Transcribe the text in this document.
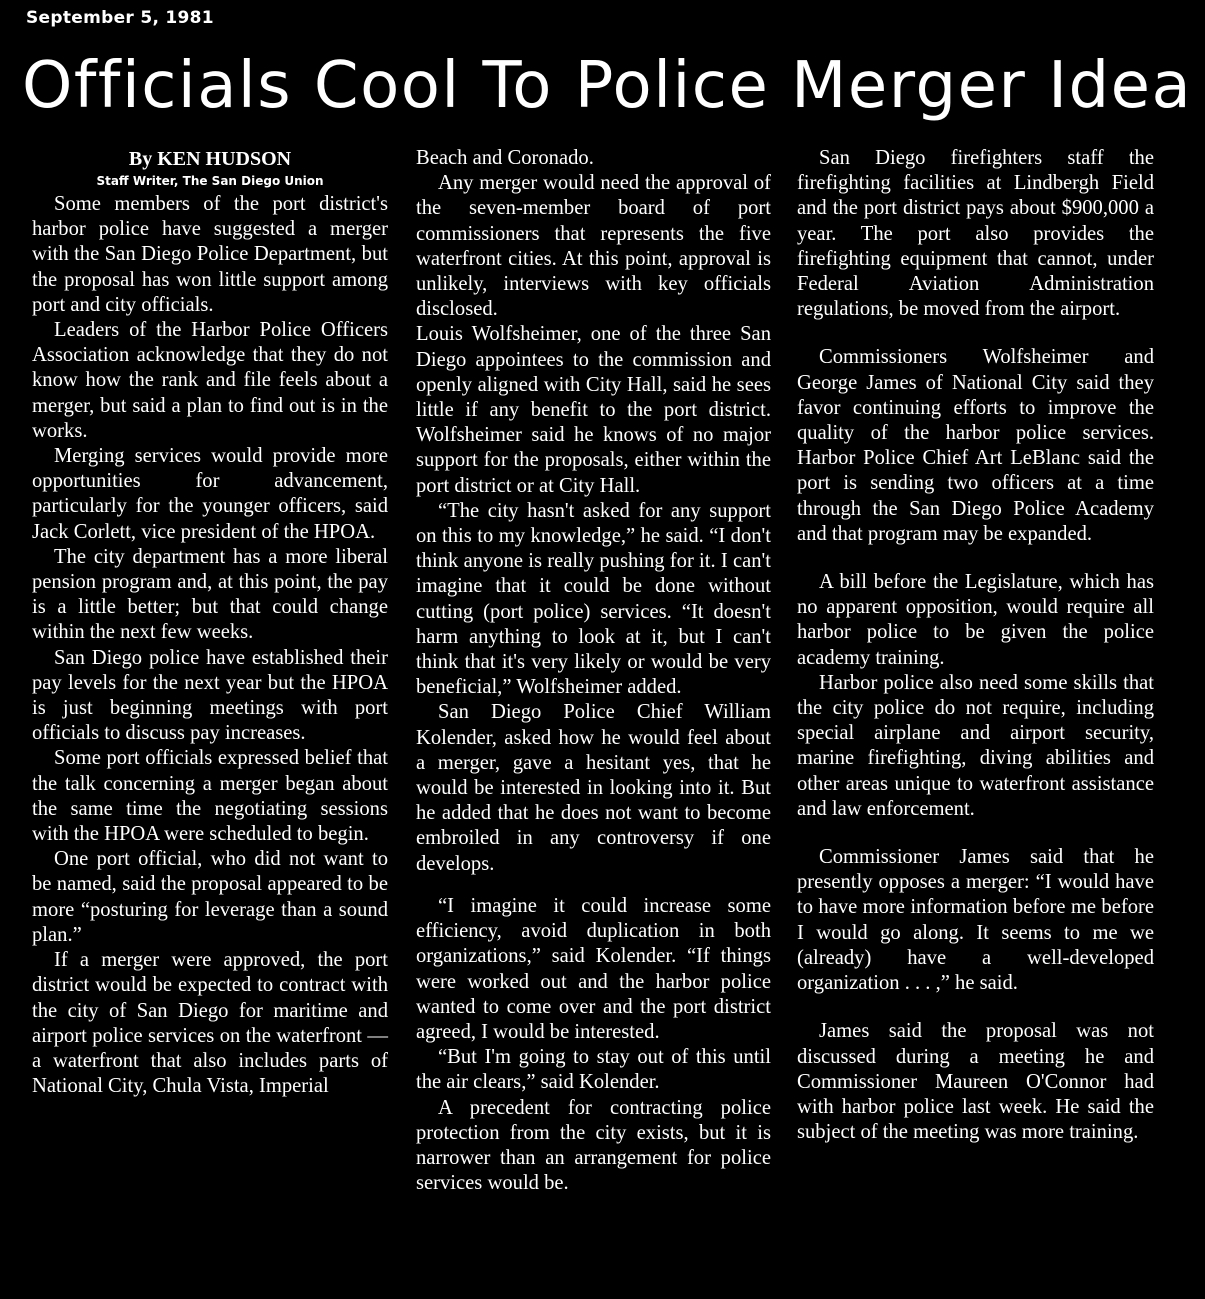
September 5, 1981
Officials Cool To Police Merger Idea
By KEN HUDSON
Staff Writer, The San Diego Union

Some members of the port district's harbor police have suggested a merger with the San Diego Police Department, but the proposal has won little support among port and city officials.

Leaders of the Harbor Police Officers Association acknowledge that they do not know how the rank and file feels about a merger, but said a plan to find out is in the works.

Merging services would provide more opportunities for advancement, particularly for the younger officers, said Jack Corlett, vice president of the HPOA.

The city department has a more liberal pension program and, at this point, the pay is a little better; but that could change within the next few weeks.

San Diego police have established their pay levels for the next year but the HPOA is just beginning meetings with port officials to discuss pay increases.

Some port officials expressed belief that the talk concerning a merger began about the same time the negotiating sessions with the HPOA were scheduled to begin.

One port official, who did not want to be named, said the proposal appeared to be more “posturing for leverage than a sound plan.”

If a merger were approved, the port district would be expected to contract with the city of San Diego for maritime and airport police services on the waterfront — a waterfront that also includes parts of National City, Chula Vista, Imperial

Beach and Coronado.

Any merger would need the approval of the seven-member board of port commissioners that represents the five waterfront cities. At this point, approval is unlikely, interviews with key officials disclosed.

Louis Wolfsheimer, one of the three San Diego appointees to the commission and openly aligned with City Hall, said he sees little if any benefit to the port district. Wolfsheimer said he knows of no major support for the proposals, either within the port district or at City Hall.

“The city hasn't asked for any support on this to my knowledge,” he said. “I don't think anyone is really pushing for it. I can't imagine that it could be done without cutting (port police) services. “It doesn't harm anything to look at it, but I can't think that it's very likely or would be very beneficial,” Wolfsheimer added.

San Diego Police Chief William Kolender, asked how he would feel about a merger, gave a hesitant yes, that he would be interested in looking into it. But he added that he does not want to become embroiled in any controversy if one develops.

“I imagine it could increase some efficiency, avoid duplication in both organizations,” said Kolender. “If things were worked out and the harbor police wanted to come over and the port district agreed, I would be interested.

“But I'm going to stay out of this until the air clears,” said Kolender.

A precedent for contracting police protection from the city exists, but it is narrower than an arrangement for police services would be.

San Diego firefighters staff the firefighting facilities at Lindbergh Field and the port district pays about $900,000 a year. The port also provides the firefighting equipment that cannot, under Federal Aviation Administration regulations, be moved from the airport.

Commissioners Wolfsheimer and George James of National City said they favor continuing efforts to improve the quality of the harbor police services. Harbor Police Chief Art LeBlanc said the port is sending two officers at a time through the San Diego Police Academy and that program may be expanded.

A bill before the Legislature, which has no apparent opposition, would require all harbor police to be given the police academy training.

Harbor police also need some skills that the city police do not require, including special airplane and airport security, marine firefighting, diving abilities and other areas unique to waterfront assistance and law enforcement.

Commissioner James said that he presently opposes a merger: “I would have to have more information before me before I would go along. It seems to me we (already) have a well-developed organization . . . ,” he said.

James said the proposal was not discussed during a meeting he and Commissioner Maureen O'Connor had with harbor police last week. He said the subject of the meeting was more training.
